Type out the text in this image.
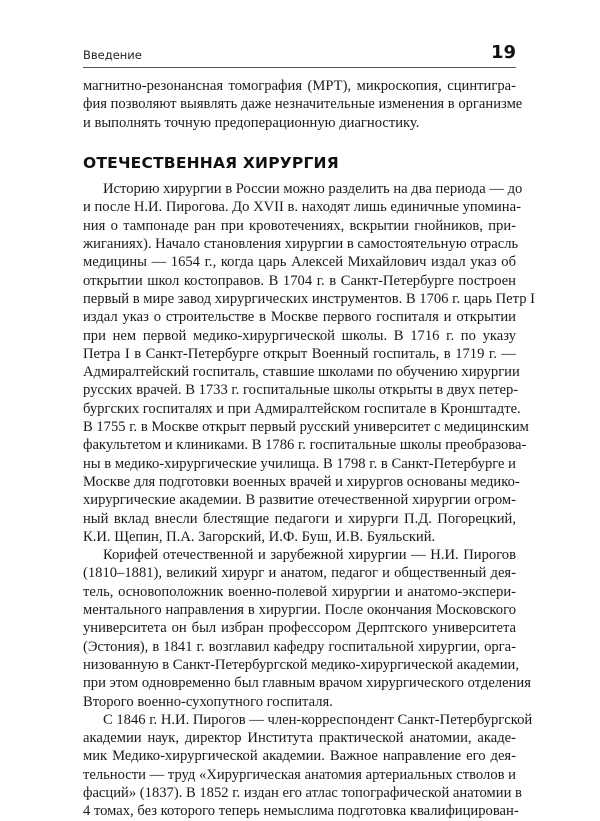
Введение	19
магнитно-резонансная томография (МРТ), микроскопия, сцинтигра-
фия позволяют выявлять даже незначительные изменения в организме
и выполнять точную предоперационную диагностику.
ОТЕЧЕСТВЕННАЯ ХИРУРГИЯ
Историю хирургии в России можно разделить на два периода — до
и после Н.И. Пирогова. До XVII в. находят лишь единичные упомина-
ния о тампонаде ран при кровотечениях, вскрытии гнойников, при-
жиганиях). Начало становления хирургии в самостоятельную отрасль
медицины — 1654 г., когда царь Алексей Михайлович издал указ об
открытии школ костоправов. В 1704 г. в Санкт-Петербурге построен
первый в мире завод хирургических инструментов. В 1706 г. царь Петр I
издал указ о строительстве в Москве первого госпиталя и открытии
при нем первой медико-хирургической школы. В 1716 г. по указу
Петра I в Санкт-Петербурге открыт Военный госпиталь, в 1719 г. —
Адмиралтейский госпиталь, ставшие школами по обучению хирургии
русских врачей. В 1733 г. госпитальные школы открыты в двух петер-
бургских госпиталях и при Адмиралтейском госпитале в Кронштадте.
В 1755 г. в Москве открыт первый русский университет с медицинским
факультетом и клиниками. В 1786 г. госпитальные школы преобразова-
ны в медико-хирургические училища. В 1798 г. в Санкт-Петербурге и
Москве для подготовки военных врачей и хирургов основаны медико-
хирургические академии. В развитие отечественной хирургии огром-
ный вклад внесли блестящие педагоги и хирурги П.Д. Погорецкий,
К.И. Щепин, П.А. Загорский, И.Ф. Буш, И.В. Буяльский.
Корифей отечественной и зарубежной хирургии — Н.И. Пирогов
(1810–1881), великий хирург и анатом, педагог и общественный дея-
тель, основоположник военно-полевой хирургии и анатомо-экспери-
ментального направления в хирургии. После окончания Московского
университета он был избран профессором Дерптского университета
(Эстония), в 1841 г. возглавил кафедру госпитальной хирургии, орга-
низованную в Санкт-Петербургской медико-хирургической академии,
при этом одновременно был главным врачом хирургического отделения
Второго военно-сухопутного госпиталя.
С 1846 г. Н.И. Пирогов — член-корреспондент Санкт-Петербургской
академии наук, директор Института практической анатомии, акаде-
мик Медико-хирургической академии. Важное направление его дея-
тельности — труд «Хирургическая анатомия артериальных стволов и
фасций» (1837). В 1852 г. издан его атлас топографической анатомии в
4 томах, без которого теперь немыслима подготовка квалифицирован-
